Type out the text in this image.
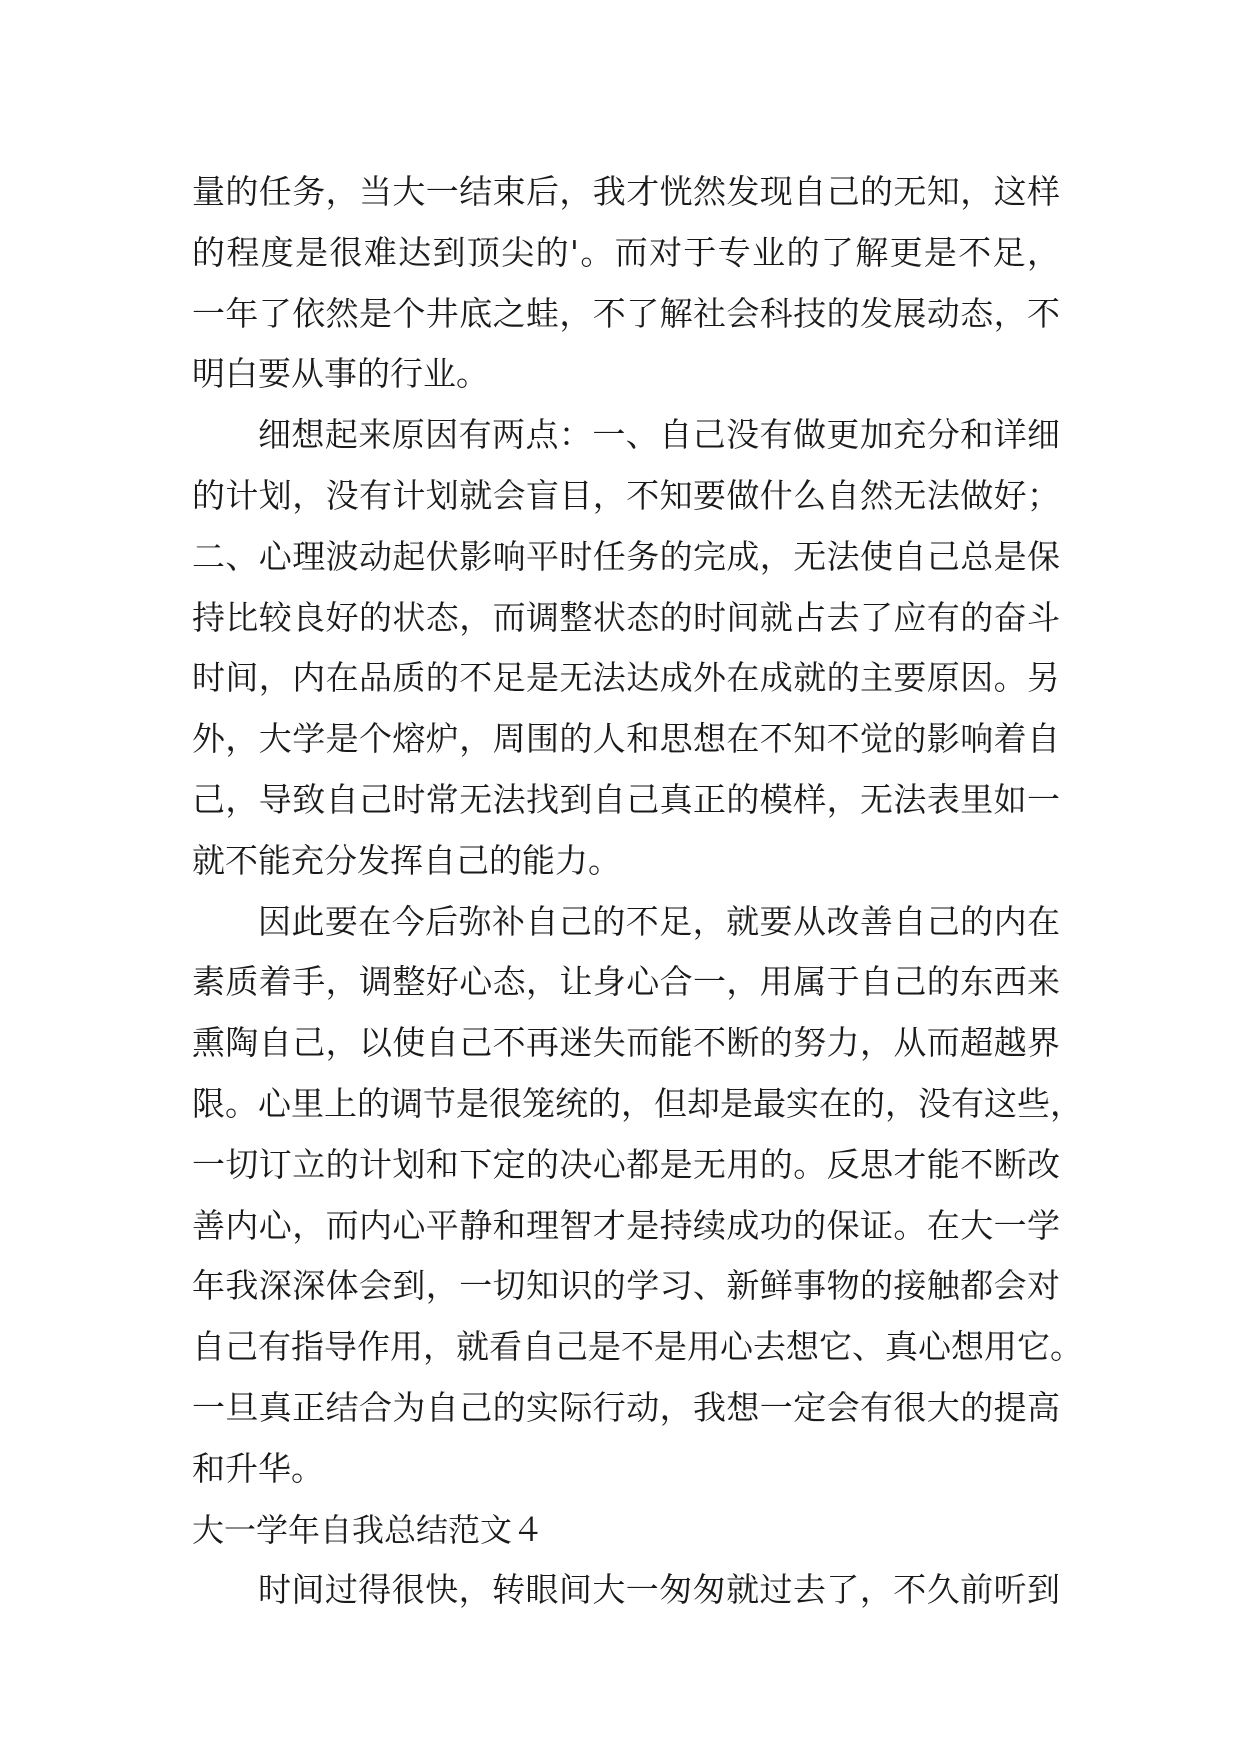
量的任务，当大一结束后，我才恍然发现自己的无知，这样
的程度是很难达到顶尖的'。而对于专业的了解更是不足，
一年了依然是个井底之蛙，不了解社会科技的发展动态，不
明白要从事的行业。
细想起来原因有两点：一、自己没有做更加充分和详细
的计划，没有计划就会盲目，不知要做什么自然无法做好；
二、心理波动起伏影响平时任务的完成，无法使自己总是保
持比较良好的状态，而调整状态的时间就占去了应有的奋斗
时间，内在品质的不足是无法达成外在成就的主要原因。另
外，大学是个熔炉，周围的人和思想在不知不觉的影响着自
己，导致自己时常无法找到自己真正的模样，无法表里如一
就不能充分发挥自己的能力。
因此要在今后弥补自己的不足，就要从改善自己的内在
素质着手，调整好心态，让身心合一，用属于自己的东西来
熏陶自己，以使自己不再迷失而能不断的努力，从而超越界
限。心里上的调节是很笼统的，但却是最实在的，没有这些，
一切订立的计划和下定的决心都是无用的。反思才能不断改
善内心，而内心平静和理智才是持续成功的保证。在大一学
年我深深体会到，一切知识的学习、新鲜事物的接触都会对
自己有指导作用，就看自己是不是用心去想它、真心想用它。
一旦真正结合为自己的实际行动，我想一定会有很大的提高
和升华。
大一学年自我总结范文４
时间过得很快，转眼间大一匆匆就过去了，不久前听到
